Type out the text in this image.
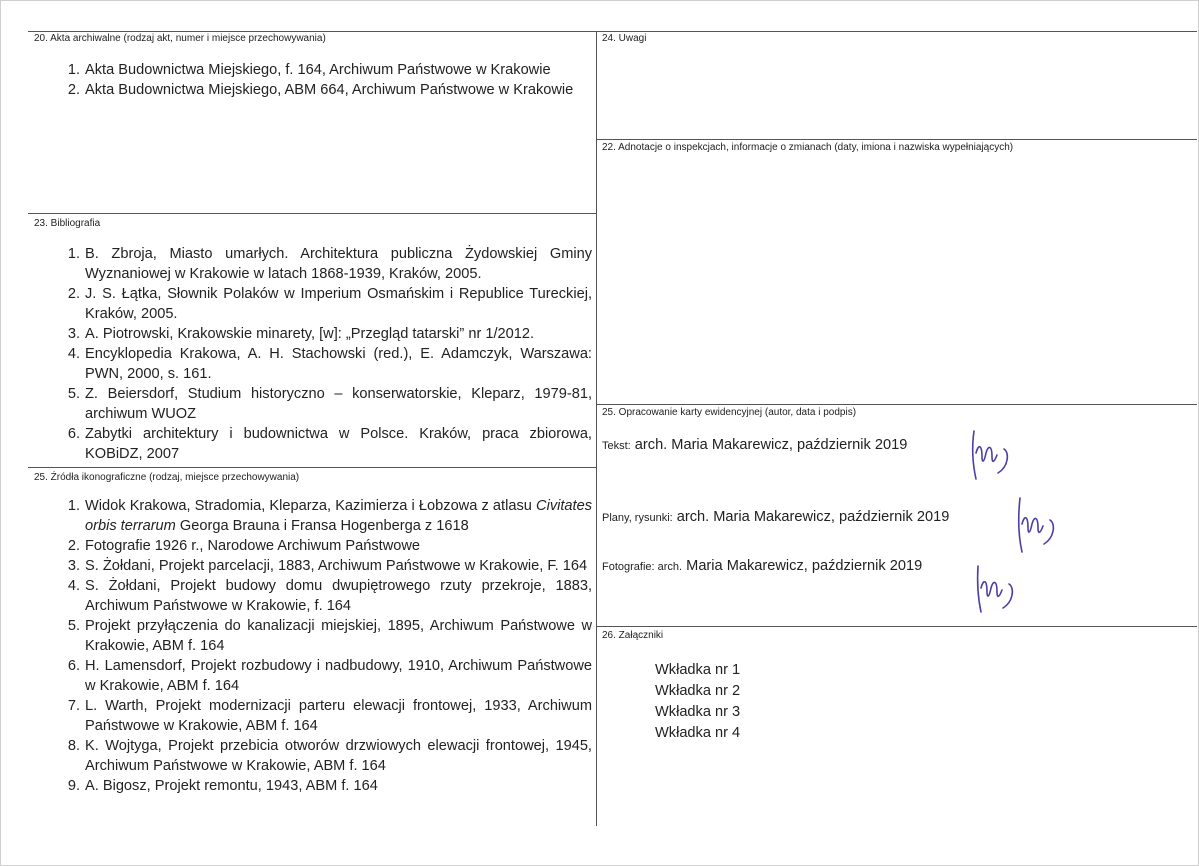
20. Akta archiwalne (rodzaj akt, numer i miejsce przechowywania)
1. Akta Budownictwa Miejskiego, f. 164, Archiwum Państwowe w Krakowie
2. Akta Budownictwa Miejskiego, ABM 664, Archiwum Państwowe w Krakowie
23. Bibliografia
1. B. Zbroja, Miasto umarłych. Architektura publiczna Żydowskiej Gminy Wyznaniowej w Krakowie w latach 1868-1939, Kraków, 2005.
2. J. S. Łątka, Słownik Polaków w Imperium Osmańskim i Republice Tureckiej, Kraków, 2005.
3. A. Piotrowski, Krakowskie minarety, [w]: „Przegląd tatarski” nr 1/2012.
4. Encyklopedia Krakowa, A. H. Stachowski (red.), E. Adamczyk, Warszawa: PWN, 2000, s. 161.
5. Z. Beiersdorf, Studium historyczno – konserwatorskie, Kleparz, 1979-81, archiwum WUOZ
6. Zabytki architektury i budownictwa w Polsce. Kraków, praca zbiorowa, KOBiDZ, 2007
25. Źródła ikonograficzne (rodzaj, miejsce przechowywania)
1. Widok Krakowa, Stradomia, Kleparza, Kazimierza i Łobzowa z atlasu Civitates orbis terrarum Georga Brauna i Fransa Hogenberga z 1618
2. Fotografie 1926 r., Narodowe Archiwum Państwowe
3. S. Żołdani, Projekt parcelacji, 1883, Archiwum Państwowe w Krakowie, F. 164
4. S. Żołdani, Projekt budowy domu dwupiętrowego rzuty przekroje, 1883, Archiwum Państwowe w Krakowie, f. 164
5. Projekt przyłączenia do kanalizacji miejskiej, 1895, Archiwum Państwowe w Krakowie, ABM f. 164
6. H. Lamensdorf, Projekt rozbudowy i nadbudowy, 1910, Archiwum Państwowe w Krakowie, ABM f. 164
7. L. Warth, Projekt modernizacji parteru elewacji frontowej, 1933, Archiwum Państwowe w Krakowie, ABM f. 164
8. K. Wojtyga, Projekt przebicia otworów drzwiowych elewacji frontowej, 1945, Archiwum Państwowe w Krakowie, ABM f. 164
9. A. Bigosz, Projekt remontu, 1943, ABM f. 164
24. Uwagi
22. Adnotacje o inspekcjach, informacje o zmianach (daty, imiona i nazwiska wypełniających)
25. Opracowanie karty ewidencyjnej (autor, data i podpis)
Tekst: arch. Maria Makarewicz, październik 2019
Plany, rysunki: arch. Maria Makarewicz, październik 2019
Fotografie: arch. Maria Makarewicz, październik 2019
26. Załączniki
Wkładka nr 1
Wkładka nr 2
Wkładka nr 3
Wkładka nr 4
